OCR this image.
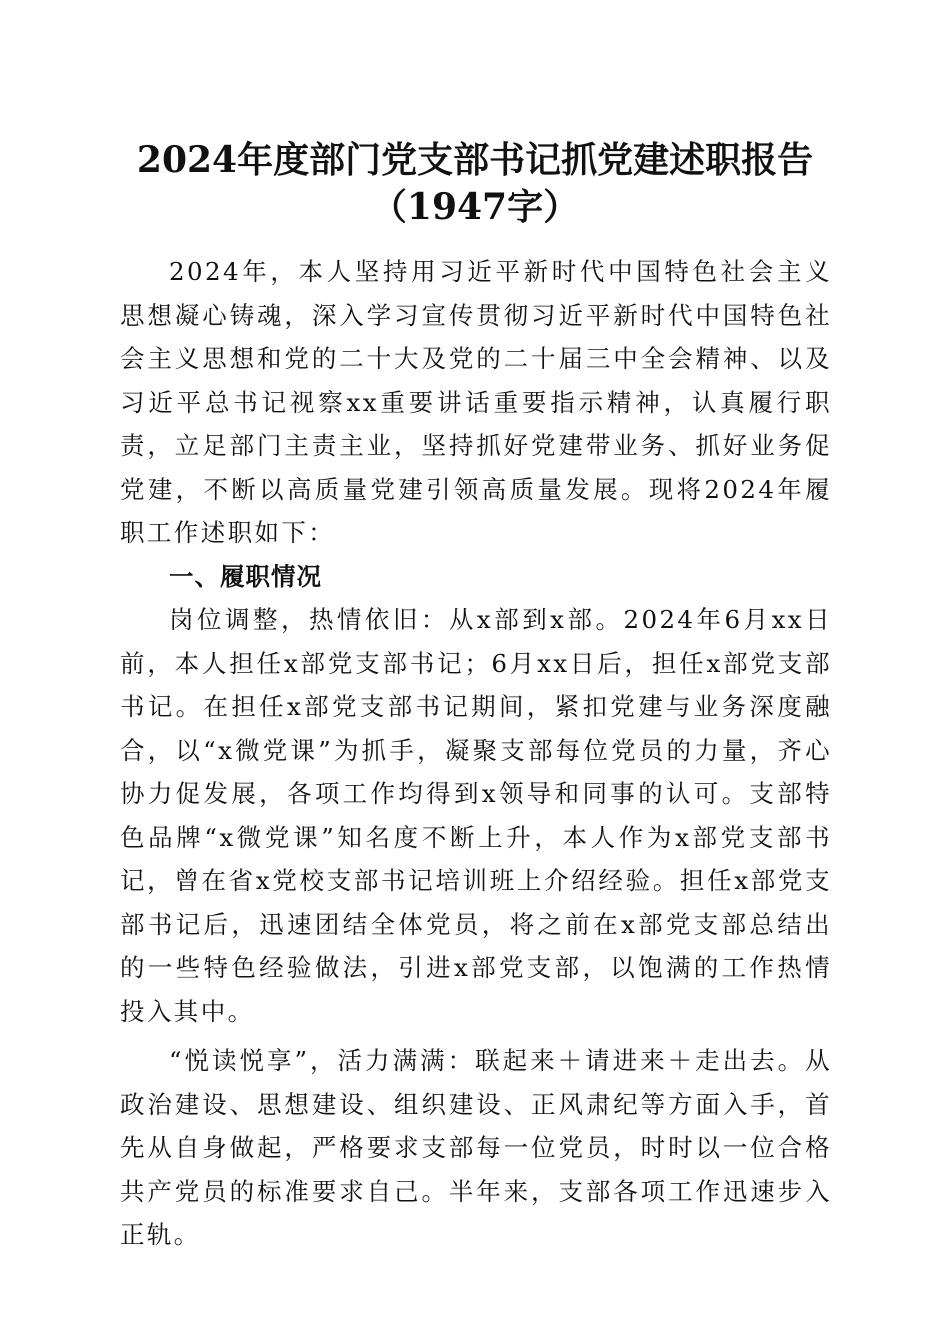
2024年度部门党支部书记抓党建述职报告
（1947字）

2024年，本人坚持用习近平新时代中国特色社会主义思想凝心铸魂，深入学习宣传贯彻习近平新时代中国特色社会主义思想和党的二十大及党的二十届三中全会精神、以及习近平总书记视察xx重要讲话重要指示精神，认真履行职责，立足部门主责主业，坚持抓好党建带业务、抓好业务促党建，不断以高质量党建引领高质量发展。现将2024年履职工作述职如下：

一、履职情况

岗位调整，热情依旧：从x部到x部。2024年6月xx日前，本人担任x部党支部书记；6月xx日后，担任x部党支部书记。在担任x部党支部书记期间，紧扣党建与业务深度融合，以“x微党课”为抓手，凝聚支部每位党员的力量，齐心协力促发展，各项工作均得到x领导和同事的认可。支部特色品牌“x微党课”知名度不断上升，本人作为x部党支部书记，曾在省x党校支部书记培训班上介绍经验。担任x部党支部书记后，迅速团结全体党员，将之前在x部党支部总结出的一些特色经验做法，引进x部党支部，以饱满的工作热情投入其中。

“悦读悦享”，活力满满：联起来＋请进来＋走出去。从政治建设、思想建设、组织建设、正风肃纪等方面入手，首先从自身做起，严格要求支部每一位党员，时时以一位合格共产党员的标准要求自己。半年来，支部各项工作迅速步入正轨。
